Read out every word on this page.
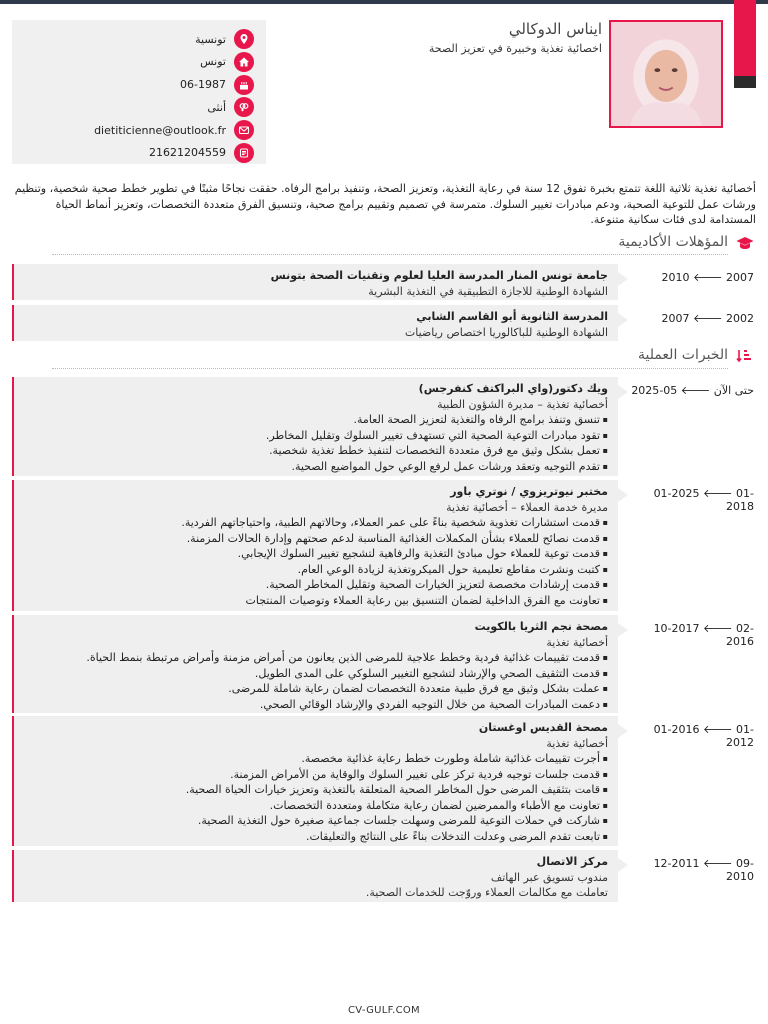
ايناس الدوكالي
اخصائية تغذية وخبيرة في تعزيز الصحة
تونسية
تونس
06-1987
أنثى
dietiticienne@outlook.fr
21621204559
أخصائية تغذية ثلاثية اللغة تتمتع بخبرة تفوق 12 سنة في رعاية التغذية، وتعزيز الصحة، وتنفيذ برامج الرفاه. حققت نجاحًا مثبتًا في تطوير خطط صحية شخصية، وتنظيم ورشات عمل للتوعية الصحية، ودعم مبادرات تغيير السلوك. متمرسة في تصميم وتقييم برامج صحية، وتنسيق الفرق متعددة التخصصات، وتعزيز أنماط الحياة المستدامة لدى فئات سكانية متنوعة.
المؤهلات الأكاديمية
2010 🡐 2007
جامعة تونس المنار المدرسة العليا لعلوم وتقنيات الصحة بتونس
الشهادة الوطنية للاجازة التطبيقية في التغذية البشرية
2007 🡐 2002
المدرسة الثانوية أبو القاسم الشابي
الشهادة الوطنية للباكالوريا اختصاص رياضيات
الخبرات العملية
حتى الآن 🡐 05-2025
ويك دكتور(واي البراكتف كنفرجس)
أخصائية تغذية – مديرة الشؤون الطبية
▪ تنسق وتنفذ برامج الرفاه والتغذية لتعزيز الصحة العامة.
▪ تقود مبادرات التوعية الصحية التي تستهدف تغيير السلوك وتقليل المخاطر.
▪ تعمل بشكل وثيق مع فرق متعددة التخصصات لتنفيذ خطط تغذية شخصية.
▪ تقدم التوجيه وتعقد ورشات عمل لرفع الوعي حول المواضيع الصحية.
01-2025 🡐 01-2018
مختبر نيوتريزوي / نوتري باور
مديرة خدمة العملاء – أخصائية تغذية
▪ قدمت استشارات تغذوية شخصية بناءً على عمر العملاء، وحالاتهم الطبية، واحتياجاتهم الفردية.
▪ قدمت نصائح للعملاء بشأن المكملات الغذائية المناسبة لدعم صحتهم وإدارة الحالات المزمنة.
▪ قدمت توعية للعملاء حول مبادئ التغذية والرفاهية لتشجيع تغيير السلوك الإيجابي.
▪ كتبت ونشرت مقاطع تعليمية حول الميكروتغذية لزيادة الوعي العام.
▪ قدمت إرشادات مخصصة لتعزيز الخيارات الصحية وتقليل المخاطر الصحية.
▪ تعاونت مع الفرق الداخلية لضمان التنسيق بين رعاية العملاء وتوصيات المنتجات
10-2017 🡐 02-2016
مصحة نجم الثريا بالكويت
أخصائية تغذية
▪ قدمت تقييمات غذائية فردية وخطط علاجية للمرضى الذين يعانون من أمراض مزمنة وأمراض مرتبطة بنمط الحياة.
▪ قدمت التثقيف الصحي والإرشاد لتشجيع التغيير السلوكي على المدى الطويل.
▪ عملت بشكل وثيق مع فرق طبية متعددة التخصصات لضمان رعاية شاملة للمرضى.
▪ دعمت المبادرات الصحية من خلال التوجيه الفردي والإرشاد الوقائي الصحي.
01-2016 🡐 01-2012
مصحة القديس اوغستان
أخصائية تغذية
▪ أجرت تقييمات غذائية شاملة وطورت خطط رعاية غذائية مخصصة.
▪ قدمت جلسات توجيه فردية تركز على تغيير السلوك والوقاية من الأمراض المزمنة.
▪ قامت بتثقيف المرضى حول المخاطر الصحية المتعلقة بالتغذية وتعزيز خيارات الحياة الصحية.
▪ تعاونت مع الأطباء والممرضين لضمان رعاية متكاملة ومتعددة التخصصات.
▪ شاركت في حملات التوعية للمرضى وسهلت جلسات جماعية صغيرة حول التغذية الصحية.
▪ تابعت تقدم المرضى وعدلت التدخلات بناءً على النتائج والتعليقات.
12-2011 🡐 09-2010
مركز الاتصال
مندوب تسويق عبر الهاتف
تعاملت مع مكالمات العملاء وروّجت للخدمات الصحية.
CV-GULF.COM
